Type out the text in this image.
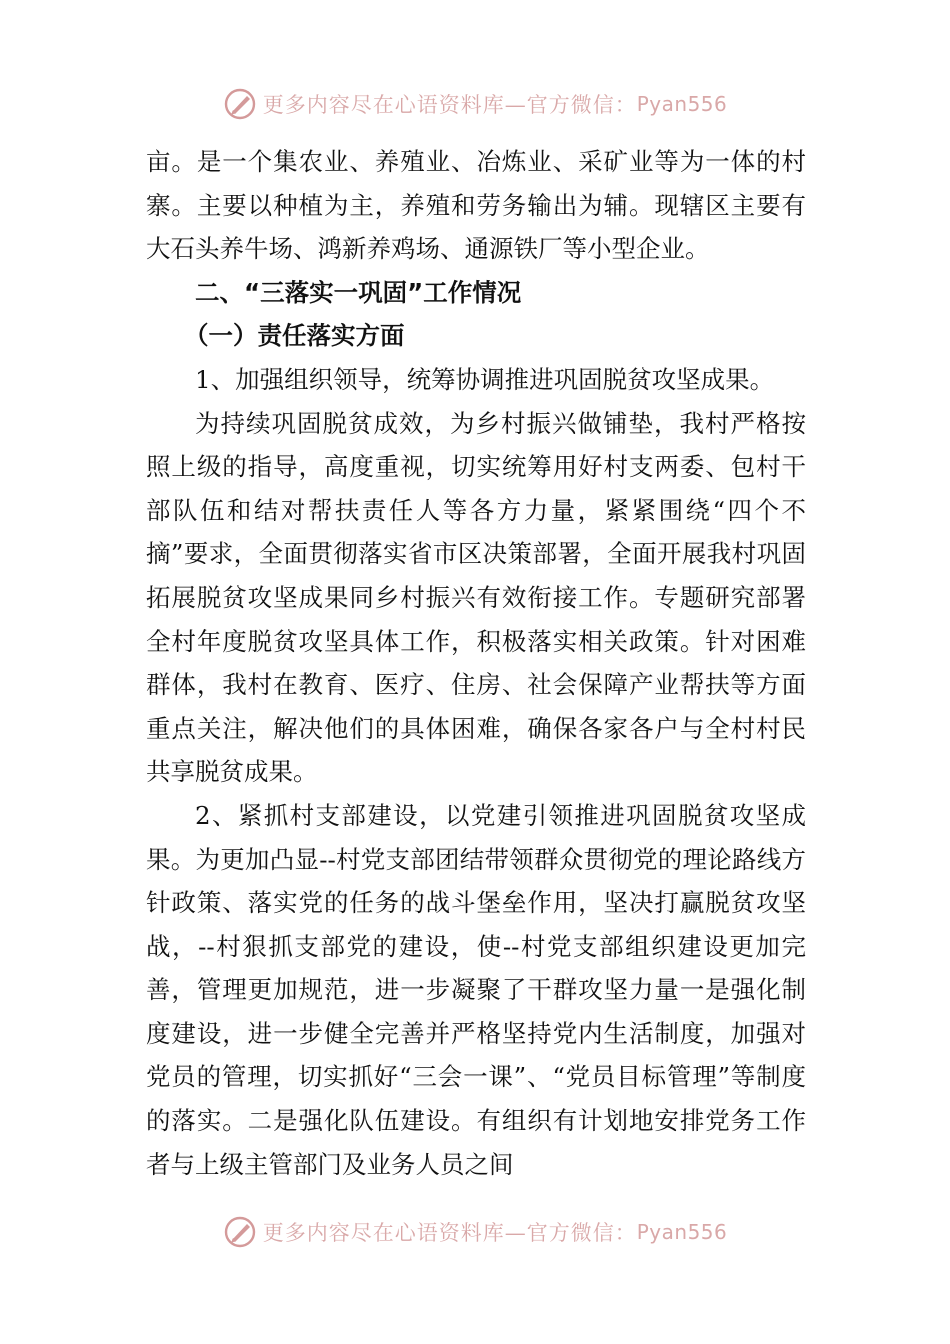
更多内容尽在心语资料库—官方微信： Pyan556

亩。是一个集农业、养殖业、冶炼业、采矿业等为一体的村寨。主要以种植为主，养殖和劳务输出为辅。现辖区主要有大石头养牛场、鸿新养鸡场、通源铁厂等小型企业。

二、“三落实一巩固”工作情况
（一）责任落实方面

1、加强组织领导，统筹协调推进巩固脱贫攻坚成果。

为持续巩固脱贫成效，为乡村振兴做铺垫，我村严格按照上级的指导，高度重视，切实统筹用好村支两委、包村干部队伍和结对帮扶责任人等各方力量，紧紧围绕“四个不摘”要求，全面贯彻落实省市区决策部署，全面开展我村巩固拓展脱贫攻坚成果同乡村振兴有效衔接工作。专题研究部署全村年度脱贫攻坚具体工作，积极落实相关政策。针对困难群体，我村在教育、医疗、住房、社会保障产业帮扶等方面重点关注，解决他们的具体困难，确保各家各户与全村村民共享脱贫成果。

2、紧抓村支部建设，以党建引领推进巩固脱贫攻坚成果。为更加凸显--村党支部团结带领群众贯彻党的理论路线方针政策、落实党的任务的战斗堡垒作用，坚决打赢脱贫攻坚战，--村狠抓支部党的建设，使--村党支部组织建设更加完善，管理更加规范，进一步凝聚了干群攻坚力量一是强化制度建设，进一步健全完善并严格坚持党内生活制度，加强对党员的管理，切实抓好“三会一课”、“党员目标管理”等制度的落实。二是强化队伍建设。有组织有计划地安排党务工作者与上级主管部门及业务人员之间

更多内容尽在心语资料库—官方微信： Pyan556
